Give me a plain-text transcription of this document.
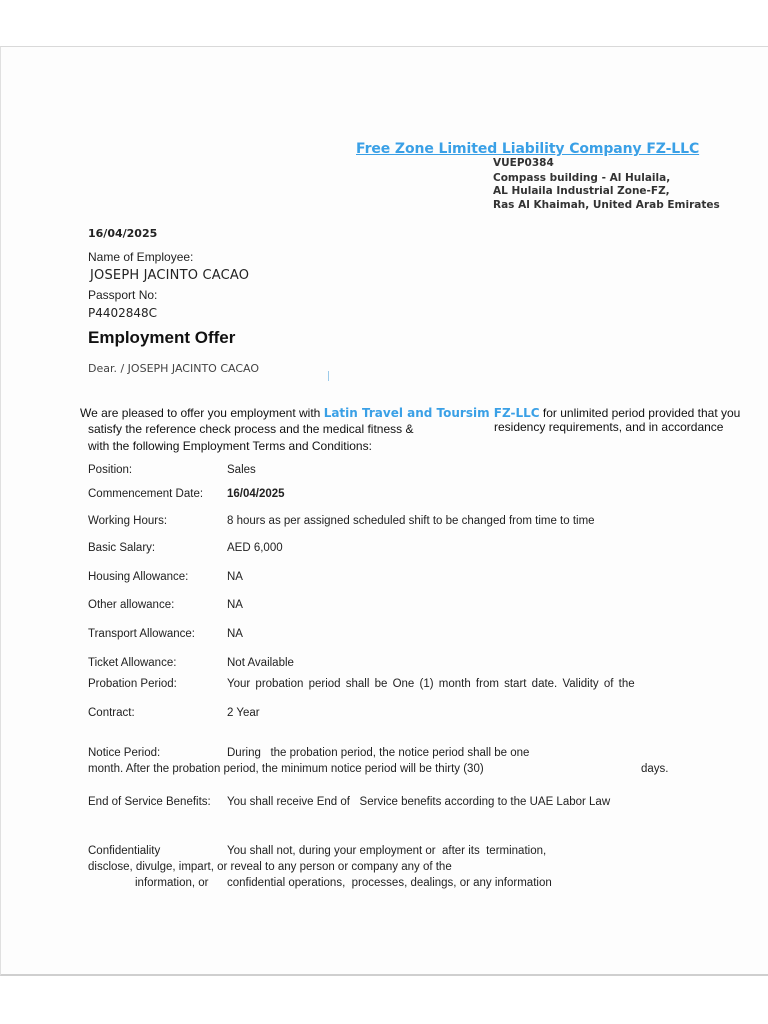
Free Zone Limited Liability Company FZ-LLC
VUEP0384
Compass building - Al Hulaila,
AL Hulaila Industrial Zone-FZ,
Ras Al Khaimah, United Arab Emirates
16/04/2025
Name of Employee:
JOSEPH JACINTO CACAO
Passport No:
P4402848C
Employment Offer
Dear. / JOSEPH JACINTO CACAO
We are pleased to offer you employment with Latin Travel and Toursim FZ-LLC for unlimited period provided that you
satisfy the reference check process and the medical fitness &	residency requirements, and in accordance
with the following Employment Terms and Conditions:
Position:	Sales
Commencement Date: 16/04/2025
Working Hours:	8 hours as per assigned scheduled shift to be changed from time to time
Basic Salary:	AED 6,000
Housing Allowance:	NA
Other allowance:	NA
Transport Allowance:	NA
Ticket Allowance:	Not Available
Probation Period:	Your probation period shall be One (1) month from start date. Validity of the
Contract:	2 Year
Notice Period:	During   the probation period, the notice period shall be one
month. After the probation period, the minimum notice period will be thirty (30)	days.
End of Service Benefits: You shall receive End of   Service benefits according to the UAE Labor Law
Confidentiality	You shall not, during your employment or  after its  termination,
disclose, divulge, impart, or reveal to any person or company any of the
information, or confidential operations,  processes, dealings, or any information
